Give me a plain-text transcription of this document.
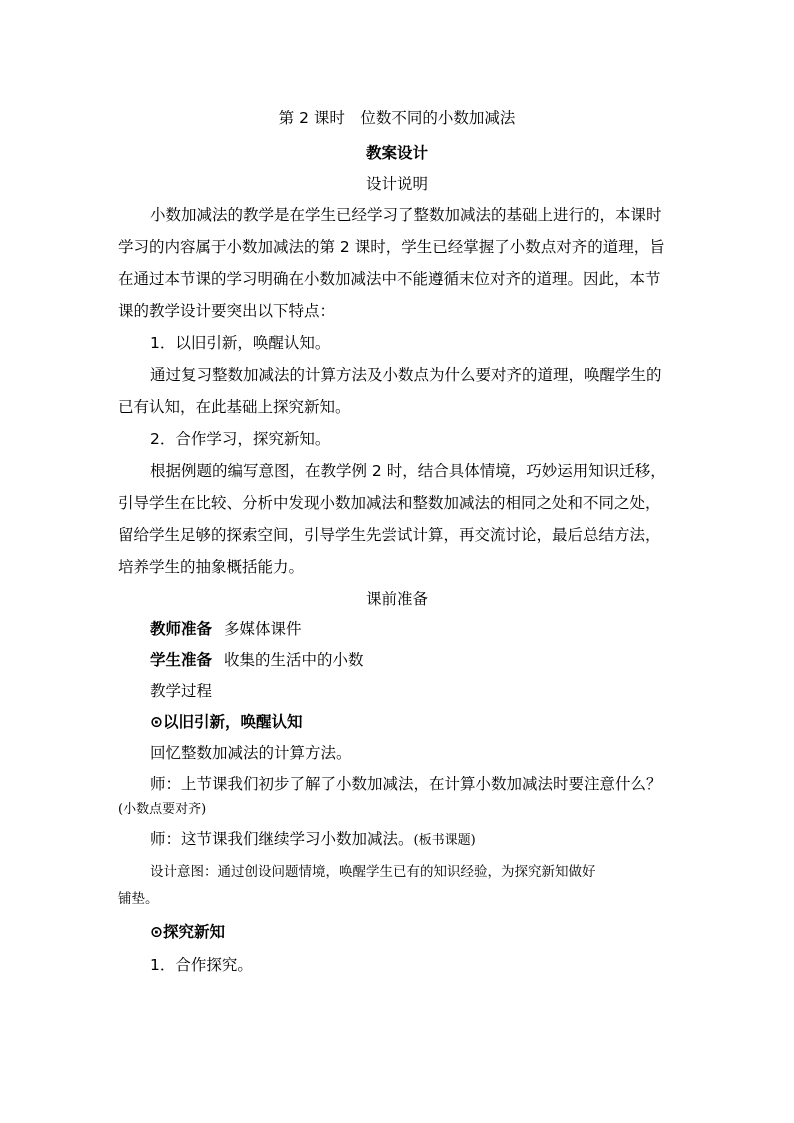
第 2 课时　位数不同的小数加减法
教案设计
设计说明
小数加减法的教学是在学生已经学习了整数加减法的基础上进行的，本课时
学习的内容属于小数加减法的第 2 课时，学生已经掌握了小数点对齐的道理，旨
在通过本节课的学习明确在小数加减法中不能遵循末位对齐的道理。因此，本节
课的教学设计要突出以下特点：
1．以旧引新，唤醒认知。
通过复习整数加减法的计算方法及小数点为什么要对齐的道理，唤醒学生的
已有认知，在此基础上探究新知。
2．合作学习，探究新知。
根据例题的编写意图，在教学例 2 时，结合具体情境，巧妙运用知识迁移，
引导学生在比较、分析中发现小数加减法和整数加减法的相同之处和不同之处，
留给学生足够的探索空间，引导学生先尝试计算，再交流讨论，最后总结方法，
培养学生的抽象概括能力。
课前准备
教师准备 多媒体课件
学生准备 收集的生活中的小数
教学过程
⊙以旧引新，唤醒认知
回忆整数加减法的计算方法。
师：上节课我们初步了解了小数加减法，在计算小数加减法时要注意什么？
(小数点要对齐)
师：这节课我们继续学习小数加减法。(板书课题)
设计意图：通过创设问题情境，唤醒学生已有的知识经验，为探究新知做好
铺垫。
⊙探究新知
1．合作探究。
